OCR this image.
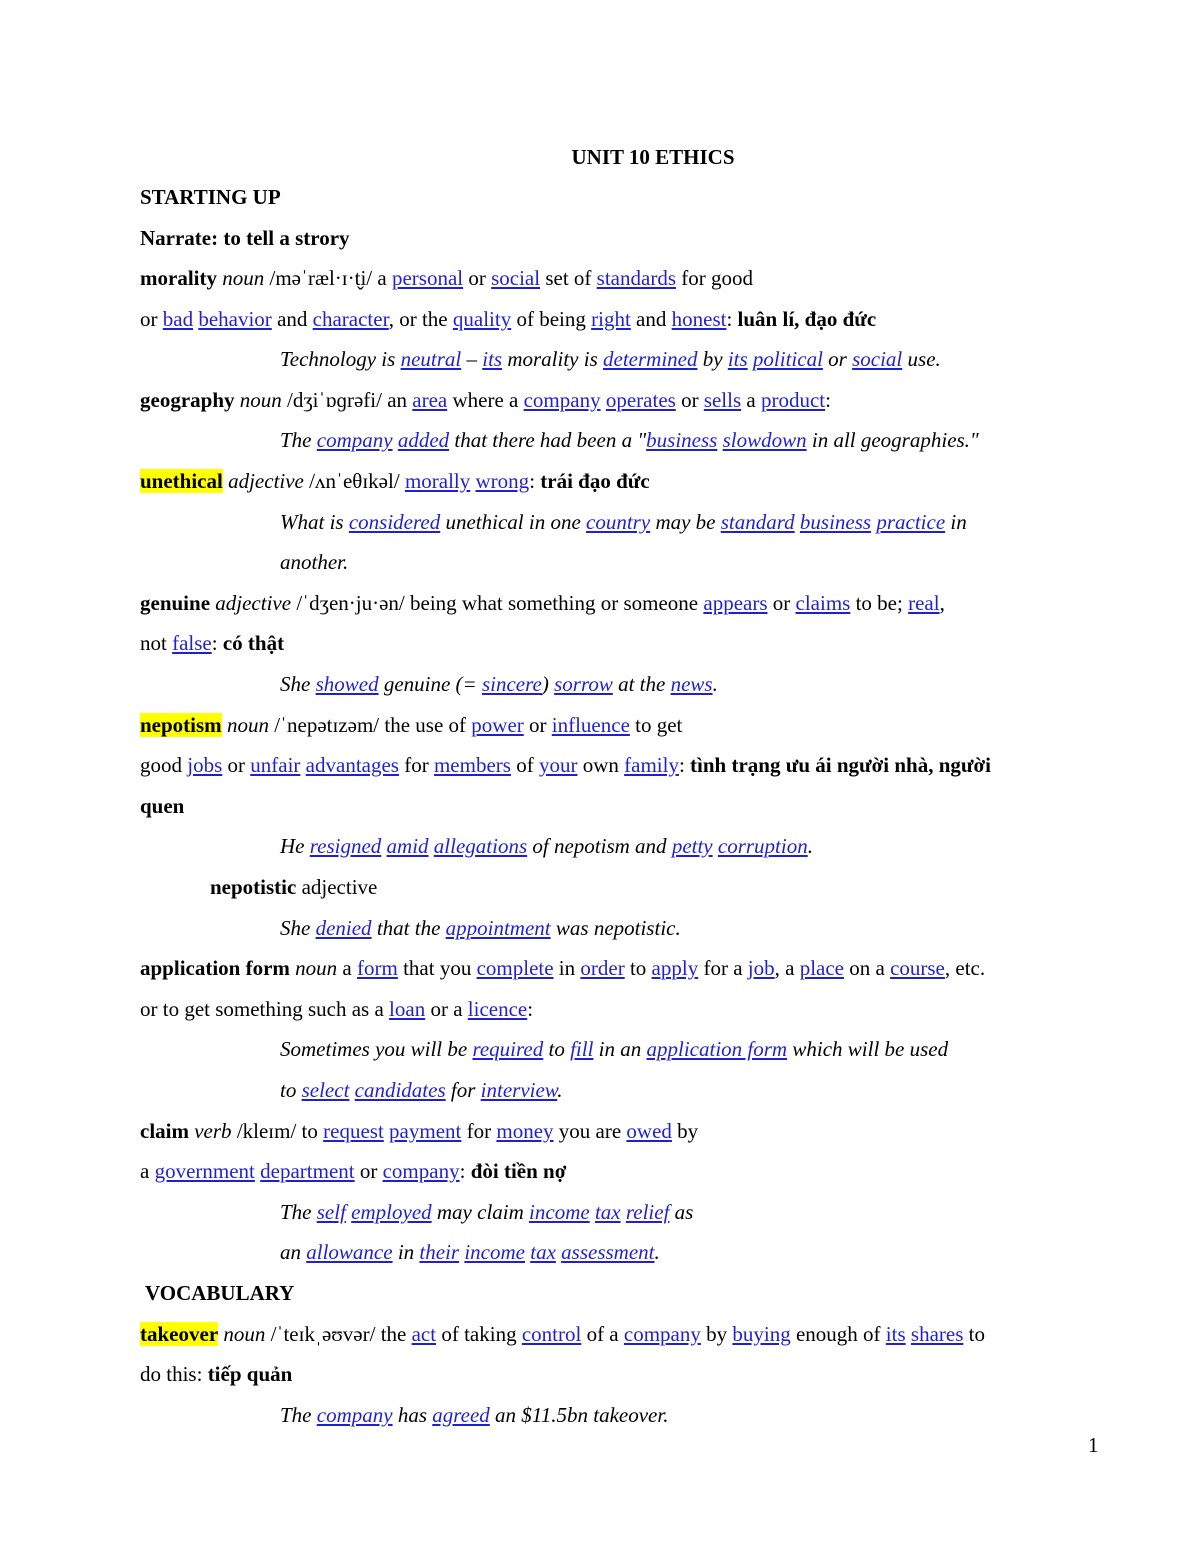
UNIT 10 ETHICS
STARTING UP
Narrate: to tell a strory
morality noun /məˈræl·ɪ·t̬i/ a personal or social set of standards for good
or bad behavior and character, or the quality of being right and honest: luân lí, đạo đức
Technology is neutral – its morality is determined by its political or social use.
geography noun /dʒiˈɒɡrəfi/ an area where a company operates or sells a product:
The company added that there had been a "business slowdown in all geographies."
unethical adjective /ʌnˈeθɪkəl/ morally wrong: trái đạo đức
What is considered unethical in one country may be standard business practice in
another.
genuine adjective /ˈdʒen·ju·ən/ being what something or someone appears or claims to be; real,
not false: có thật
She showed genuine (= sincere) sorrow at the news.
nepotism noun /ˈnepətɪzəm/ the use of power or influence to get
good jobs or unfair advantages for members of your own family: tình trạng ưu ái người nhà, người
quen
He resigned amid allegations of nepotism and petty corruption.
nepotistic adjective
She denied that the appointment was nepotistic.
application form noun a form that you complete in order to apply for a job, a place on a course, etc.
or to get something such as a loan or a licence:
Sometimes you will be required to fill in an application form which will be used
to select candidates for interview.
claim verb /kleɪm/ to request payment for money you are owed by
a government department or company: đòi tiền nợ
The self employed may claim income tax relief as
an allowance in their income tax assessment.
VOCABULARY
takeover noun /ˈteɪkˌəʊvər/ the act of taking control of a company by buying enough of its shares to
do this: tiếp quản
The company has agreed an $11.5bn takeover.
1
